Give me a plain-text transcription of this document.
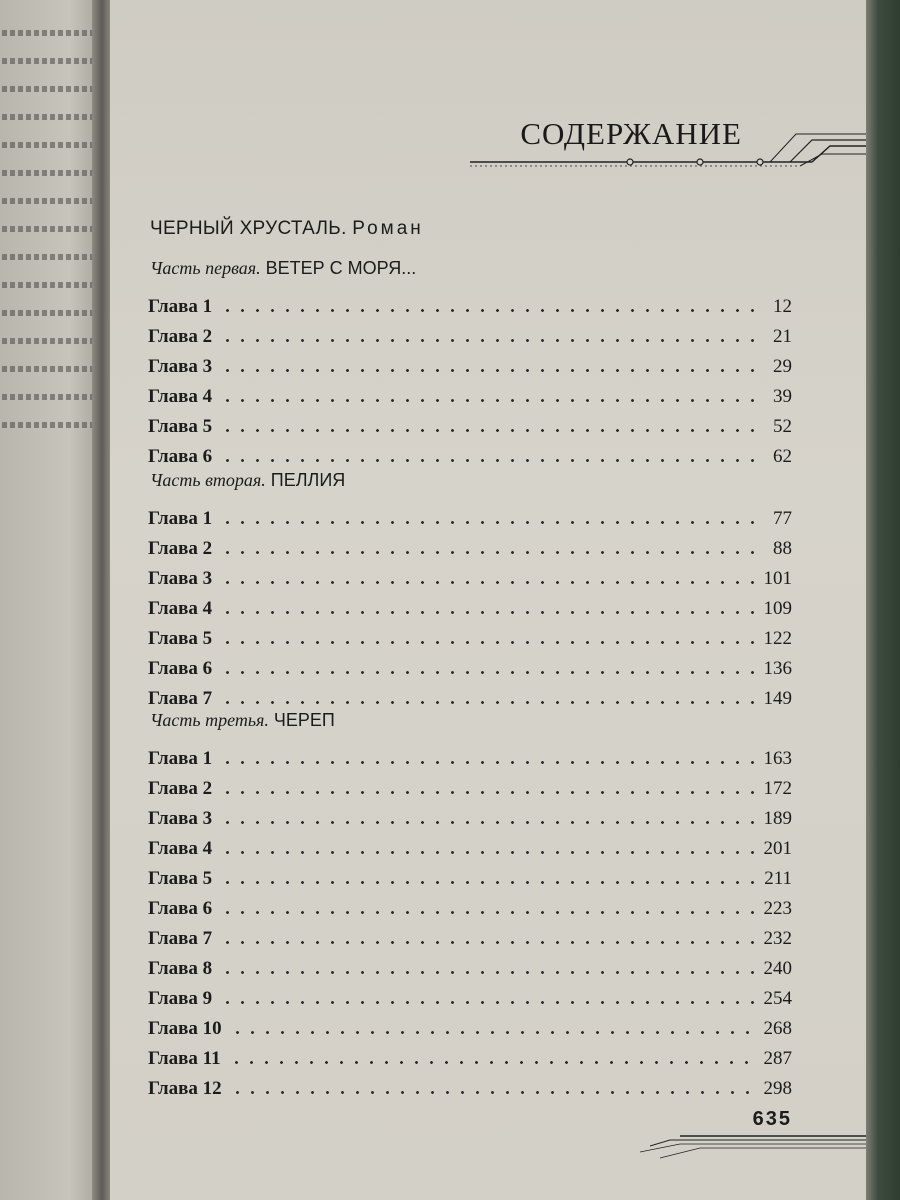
СОДЕРЖАНИЕ
ЧЕРНЫЙ ХРУСТАЛЬ. Роман
Часть первая. ВЕТЕР С МОРЯ...
Глава 1	12
Глава 2	21
Глава 3	29
Глава 4	39
Глава 5	52
Глава 6	62
Часть вторая. ПЕЛЛИЯ
Глава 1	77
Глава 2	88
Глава 3	101
Глава 4	109
Глава 5	122
Глава 6	136
Глава 7	149
Часть третья. ЧЕРЕП
Глава 1	163
Глава 2	172
Глава 3	189
Глава 4	201
Глава 5	211
Глава 6	223
Глава 7	232
Глава 8	240
Глава 9	254
Глава 10	268
Глава 11	287
Глава 12	298
635
